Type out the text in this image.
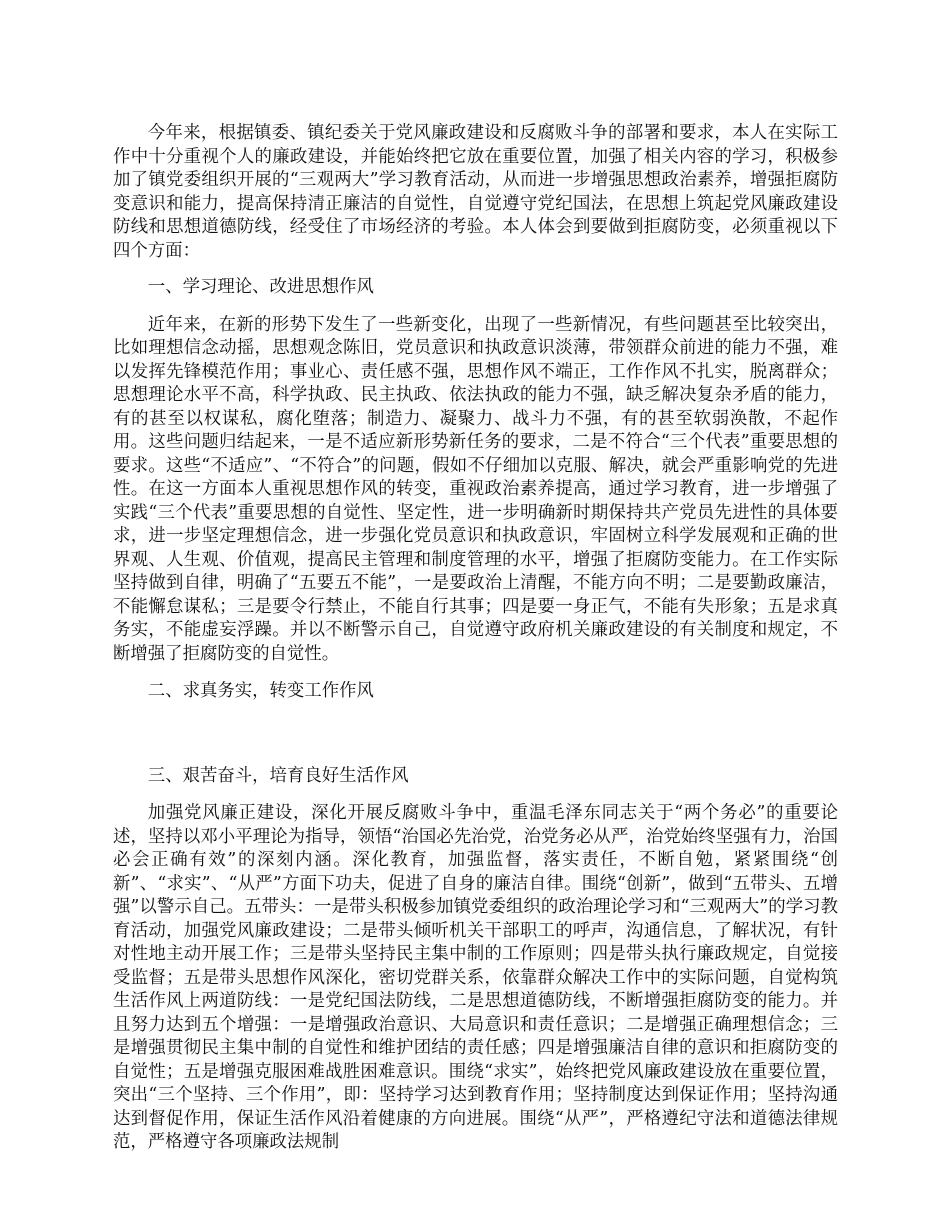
今年来，根据镇委、镇纪委关于党风廉政建设和反腐败斗争的部署和要求，本人在实际工作中十分重视个人的廉政建设，并能始终把它放在重要位置，加强了相关内容的学习，积极参加了镇党委组织开展的“三观两大”学习教育活动，从而进一步增强思想政治素养，增强拒腐防变意识和能力，提高保持清正廉洁的自觉性，自觉遵守党纪国法，在思想上筑起党风廉政建设防线和思想道德防线，经受住了市场经济的考验。本人体会到要做到拒腐防变，必须重视以下四个方面：

一、学习理论、改进思想作风

近年来，在新的形势下发生了一些新变化，出现了一些新情况，有些问题甚至比较突出，比如理想信念动摇，思想观念陈旧，党员意识和执政意识淡薄，带领群众前进的能力不强，难以发挥先锋模范作用；事业心、责任感不强，思想作风不端正，工作作风不扎实，脱离群众；思想理论水平不高，科学执政、民主执政、依法执政的能力不强，缺乏解决复杂矛盾的能力，有的甚至以权谋私，腐化堕落；制造力、凝聚力、战斗力不强，有的甚至软弱涣散，不起作用。这些问题归结起来，一是不适应新形势新任务的要求，二是不符合“三个代表”重要思想的要求。这些“不适应”、“不符合”的问题，假如不仔细加以克服、解决，就会严重影响党的先进性。在这一方面本人重视思想作风的转变，重视政治素养提高，通过学习教育，进一步增强了实践“三个代表”重要思想的自觉性、坚定性，进一步明确新时期保持共产党员先进性的具体要求，进一步坚定理想信念，进一步强化党员意识和执政意识，牢固树立科学发展观和正确的世界观、人生观、价值观，提高民主管理和制度管理的水平，增强了拒腐防变能力。在工作实际坚持做到自律，明确了“五要五不能”，一是要政治上清醒，不能方向不明；二是要勤政廉洁，不能懈怠谋私；三是要令行禁止，不能自行其事；四是要一身正气，不能有失形象；五是求真务实，不能虚妄浮躁。并以不断警示自己，自觉遵守政府机关廉政建设的有关制度和规定，不断增强了拒腐防变的自觉性。

二、求真务实，转变工作作风

三、艰苦奋斗，培育良好生活作风

加强党风廉正建设，深化开展反腐败斗争中，重温毛泽东同志关于“两个务必”的重要论述，坚持以邓小平理论为指导，领悟“治国必先治党，治党务必从严，治党始终坚强有力，治国必会正确有效”的深刻内涵。深化教育，加强监督，落实责任，不断自勉，紧紧围绕“创新”、“求实”、“从严”方面下功夫，促进了自身的廉洁自律。围绕“创新”，做到“五带头、五增强”以警示自己。五带头：一是带头积极参加镇党委组织的政治理论学习和“三观两大”的学习教育活动，加强党风廉政建设；二是带头倾听机关干部职工的呼声，沟通信息，了解状况，有针对性地主动开展工作；三是带头坚持民主集中制的工作原则；四是带头执行廉政规定，自觉接受监督；五是带头思想作风深化，密切党群关系，依靠群众解决工作中的实际问题，自觉构筑生活作风上两道防线：一是党纪国法防线，二是思想道德防线，不断增强拒腐防变的能力。并且努力达到五个增强：一是增强政治意识、大局意识和责任意识；二是增强正确理想信念；三是增强贯彻民主集中制的自觉性和维护团结的责任感；四是增强廉洁自律的意识和拒腐防变的自觉性；五是增强克服困难战胜困难意识。围绕“求实”，始终把党风廉政建设放在重要位置，突出“三个坚持、三个作用”，即：坚持学习达到教育作用；坚持制度达到保证作用；坚持沟通达到督促作用，保证生活作风沿着健康的方向进展。围绕“从严”，严格遵纪守法和道德法律规范，严格遵守各项廉政法规制
